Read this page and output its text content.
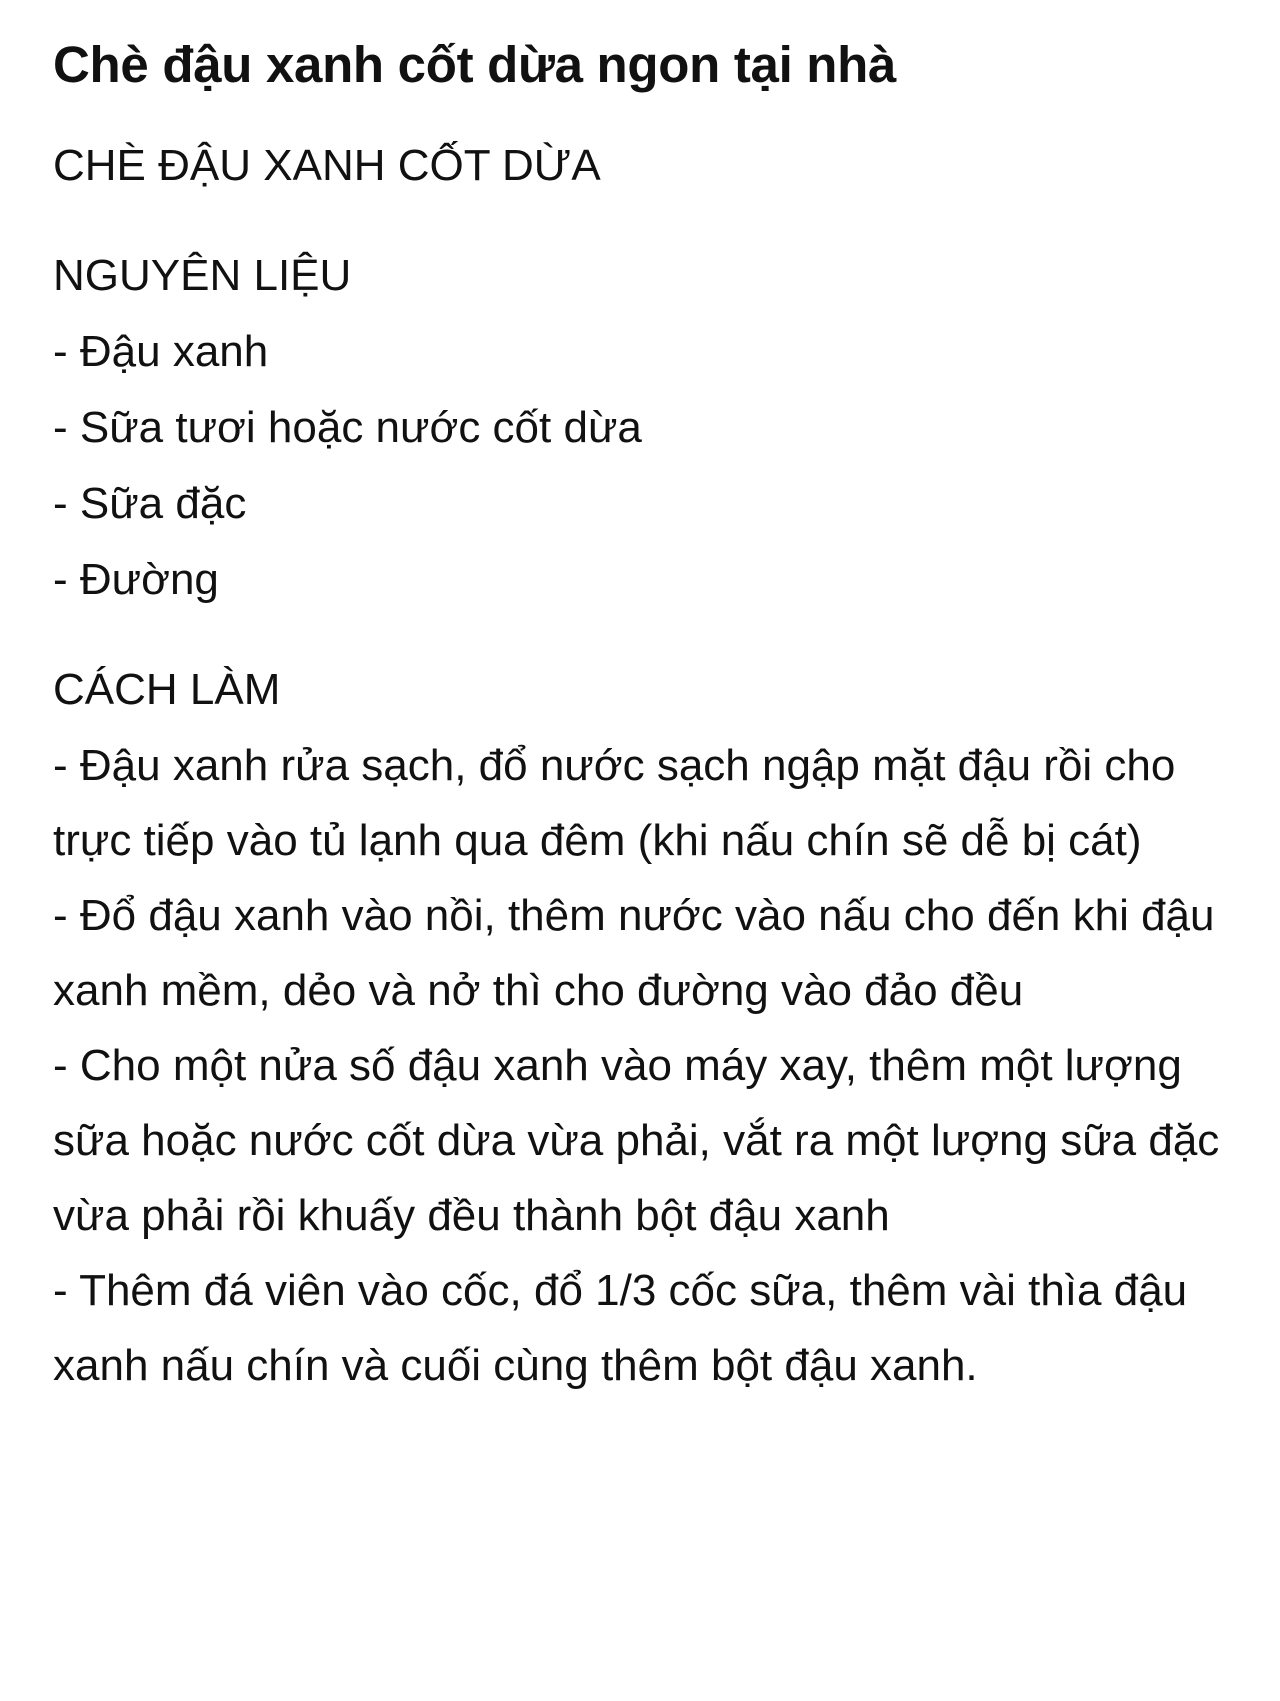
Chè đậu xanh cốt dừa ngon tại nhà
CHÈ ĐẬU XANH CỐT DỪA
NGUYÊN LIỆU
- Đậu xanh
- Sữa tươi hoặc nước cốt dừa
- Sữa đặc
- Đường
CÁCH LÀM
- Đậu xanh rửa sạch, đổ nước sạch ngập mặt đậu rồi cho trực tiếp vào tủ lạnh qua đêm (khi nấu chín sẽ dễ bị cát)
- Đổ đậu xanh vào nồi, thêm nước vào nấu cho đến khi đậu xanh mềm, dẻo và nở thì cho đường vào đảo đều
- Cho một nửa số đậu xanh vào máy xay, thêm một lượng sữa hoặc nước cốt dừa vừa phải, vắt ra một lượng sữa đặc vừa phải rồi khuấy đều thành bột đậu xanh
- Thêm đá viên vào cốc, đổ 1/3 cốc sữa, thêm vài thìa đậu xanh nấu chín và cuối cùng thêm bột đậu xanh.
